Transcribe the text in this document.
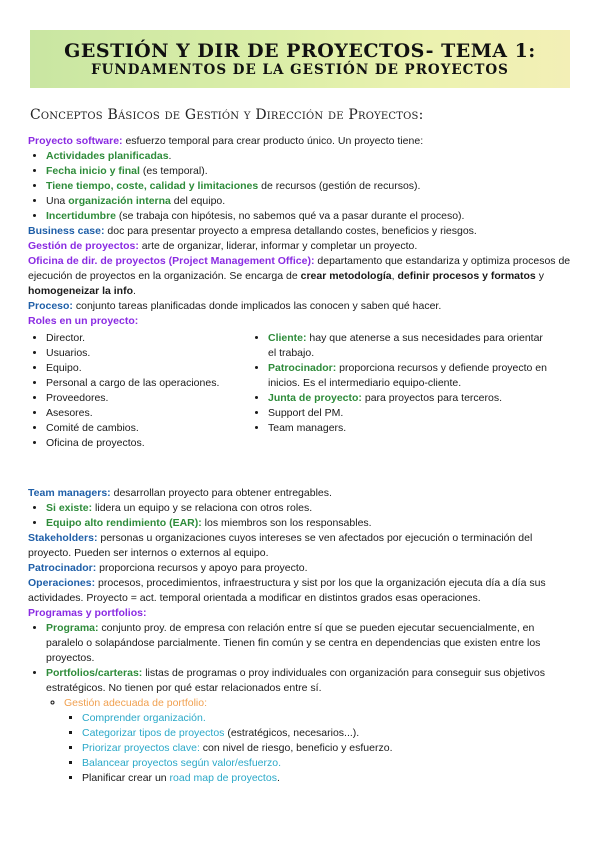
GESTIÓN Y DIR DE PROYECTOS- TEMA 1:
FUNDAMENTOS DE LA GESTIÓN DE PROYECTOS
Conceptos Básicos de Gestión y Dirección de Proyectos:

Proyecto software: esfuerzo temporal para crear producto único. Un proyecto tiene:

• Actividades planificadas.
• Fecha inicio y final (es temporal).
• Tiene tiempo, coste, calidad y limitaciones de recursos (gestión de recursos).
• Una organización interna del equipo.
• Incertidumbre (se trabaja con hipótesis, no sabemos qué va a pasar durante el proceso).

Business case: doc para presentar proyecto a empresa detallando costes, beneficios y riesgos.

Gestión de proyectos: arte de organizar, liderar, informar y completar un proyecto.

Oficina de dir. de proyectos (Project Management Office): departamento que estandariza y optimiza procesos de ejecución de proyectos en la organización. Se encarga de crear metodología, definir procesos y formatos y homogeneizar la info.

Proceso: conjunto tareas planificadas donde implicados las conocen y saben qué hacer.

Roles en un proyecto:

• Director.
• Usuarios.
• Equipo.
• Personal a cargo de las operaciones.
• Proveedores.
• Asesores.
• Comité de cambios.
• Oficina de proyectos.
• Cliente: hay que atenerse a sus necesidades para orientar el trabajo.
• Patrocinador: proporciona recursos y defiende proyecto en inicios. Es el intermediario equipo-cliente.
• Junta de proyecto: para proyectos para terceros.
• Support del PM.
• Team managers.

Team managers: desarrollan proyecto para obtener entregables.

• Si existe: lidera un equipo y se relaciona con otros roles.
• Equipo alto rendimiento (EAR): los miembros son los responsables.

Stakeholders: personas u organizaciones cuyos intereses se ven afectados por ejecución o terminación del proyecto. Pueden ser internos o externos al equipo.

Patrocinador: proporciona recursos y apoyo para proyecto.

Operaciones: procesos, procedimientos, infraestructura y sist por los que la organización ejecuta día a día sus actividades. Proyecto = act. temporal orientada a modificar en distintos grados esas operaciones.

Programas y portfolios:

• Programa: conjunto proy. de empresa con relación entre sí que se pueden ejecutar secuencialmente, en paralelo o solapándose parcialmente. Tienen fin común y se centra en dependencias que existen entre los proyectos.
• Portfolios/carteras: listas de programas o proy individuales con organización para conseguir sus objetivos estratégicos. No tienen por qué estar relacionados entre sí.
◦ Gestión adecuada de portfolio:
▪ Comprender organización.
▪ Categorizar tipos de proyectos (estratégicos, necesarios...).
▪ Priorizar proyectos clave: con nivel de riesgo, beneficio y esfuerzo.
▪ Balancear proyectos según valor/esfuerzo.
▪ Planificar crear un road map de proyectos.
